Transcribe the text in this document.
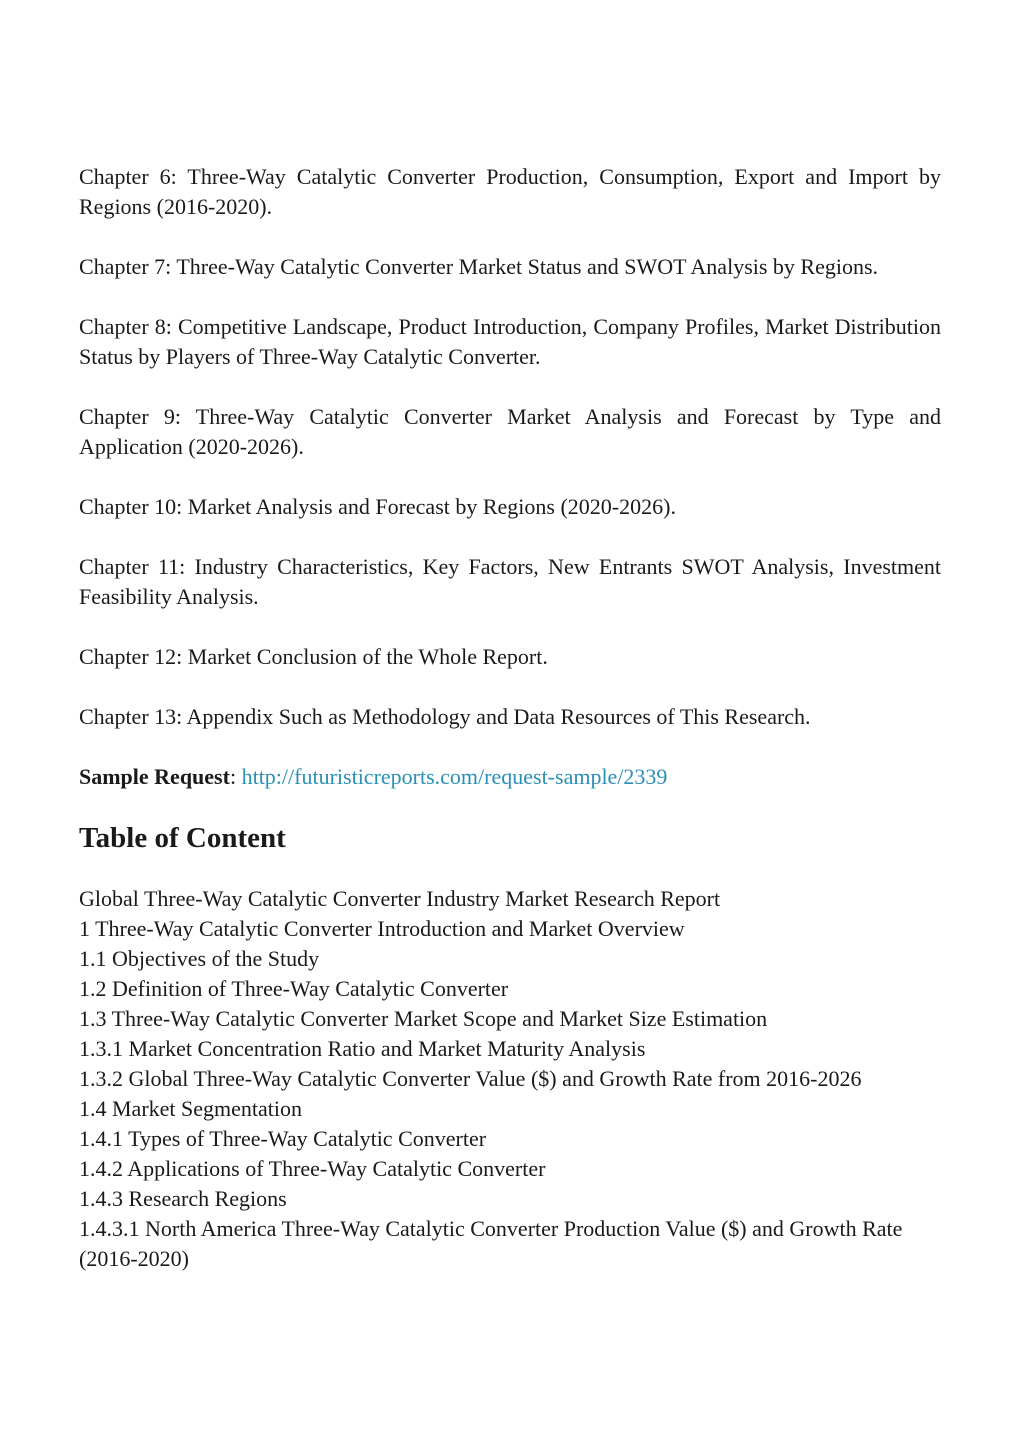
Chapter 6: Three-Way Catalytic Converter Production, Consumption, Export and Import by Regions (2016-2020).

Chapter 7: Three-Way Catalytic Converter Market Status and SWOT Analysis by Regions.

Chapter 8: Competitive Landscape, Product Introduction, Company Profiles, Market Distribution Status by Players of Three-Way Catalytic Converter.

Chapter 9: Three-Way Catalytic Converter Market Analysis and Forecast by Type and Application (2020-2026).

Chapter 10: Market Analysis and Forecast by Regions (2020-2026).

Chapter 11: Industry Characteristics, Key Factors, New Entrants SWOT Analysis, Investment Feasibility Analysis.

Chapter 12: Market Conclusion of the Whole Report.

Chapter 13: Appendix Such as Methodology and Data Resources of This Research.

Sample Request: http://futuristicreports.com/request-sample/2339

Table of Content
Global Three-Way Catalytic Converter Industry Market Research Report
1 Three-Way Catalytic Converter Introduction and Market Overview
1.1 Objectives of the Study
1.2 Definition of Three-Way Catalytic Converter
1.3 Three-Way Catalytic Converter Market Scope and Market Size Estimation
1.3.1 Market Concentration Ratio and Market Maturity Analysis
1.3.2 Global Three-Way Catalytic Converter Value ($) and Growth Rate from 2016-2026
1.4 Market Segmentation
1.4.1 Types of Three-Way Catalytic Converter
1.4.2 Applications of Three-Way Catalytic Converter
1.4.3 Research Regions
1.4.3.1 North America Three-Way Catalytic Converter Production Value ($) and Growth Rate (2016-2020)
